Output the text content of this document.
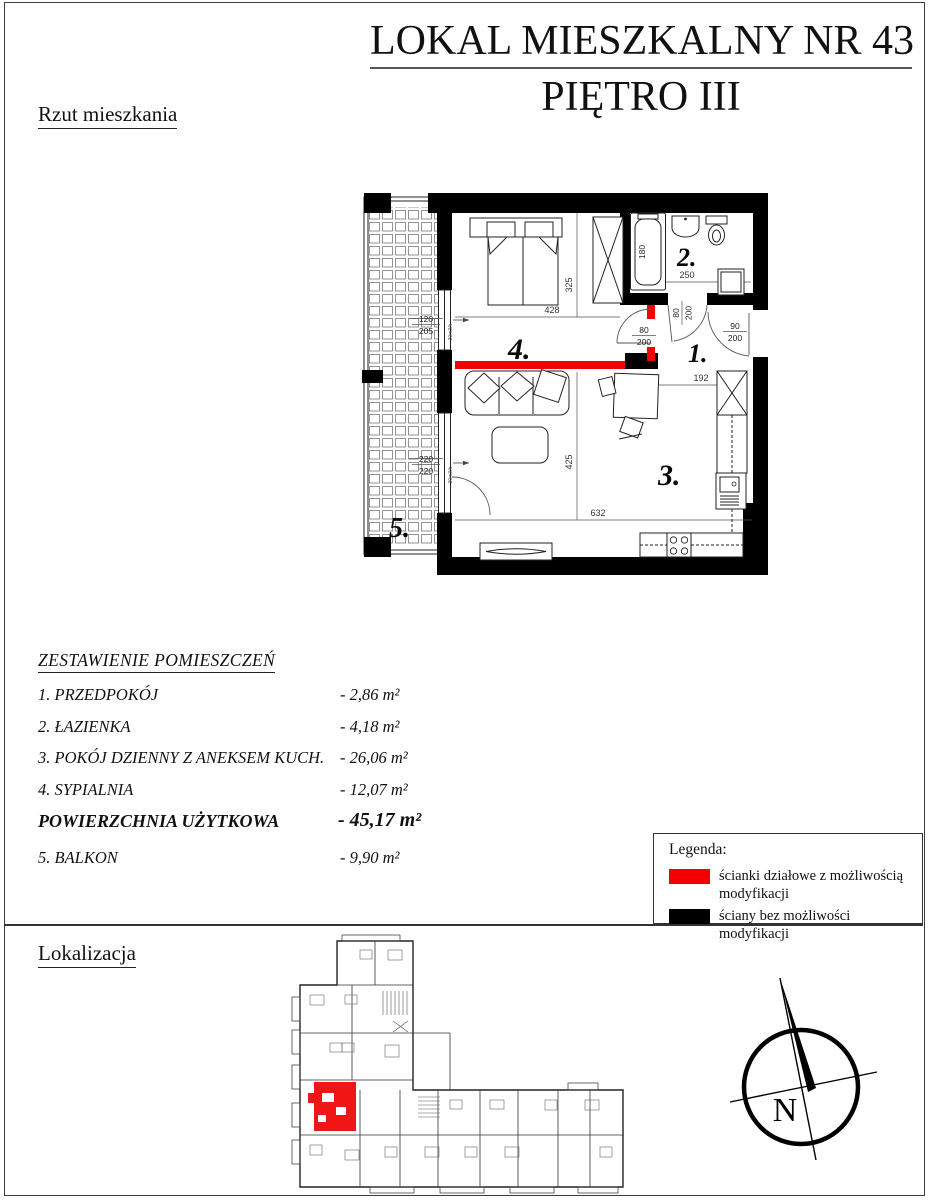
LOKAL MIESZKALNY NR 43
PIĘTRO III
Rzut mieszkania
5.
428
325
250
425
632
192
120
205
220
220
80 200
80
200
90
200
30m3/h
30m3/h
4.
180 2.
1.
3.
ZESTAWIENIE POMIESZCZEŃ
1. PRZEDPOKÓJ	- 2,86 m²
2. ŁAZIENKA	- 4,18 m²
3. POKÓJ DZIENNY Z ANEKSEM KUCH. - 26,06 m²
4. SYPIALNIA	- 12,07 m²
POWIERZCHNIA UŻYTKOWA	- 45,17 m²
5. BALKON	- 9,90 m²	Legenda:
ścianki działowe z możliwością modyfikacji
ściany bez możliwości modyfikacji
Lokalizacja
N
